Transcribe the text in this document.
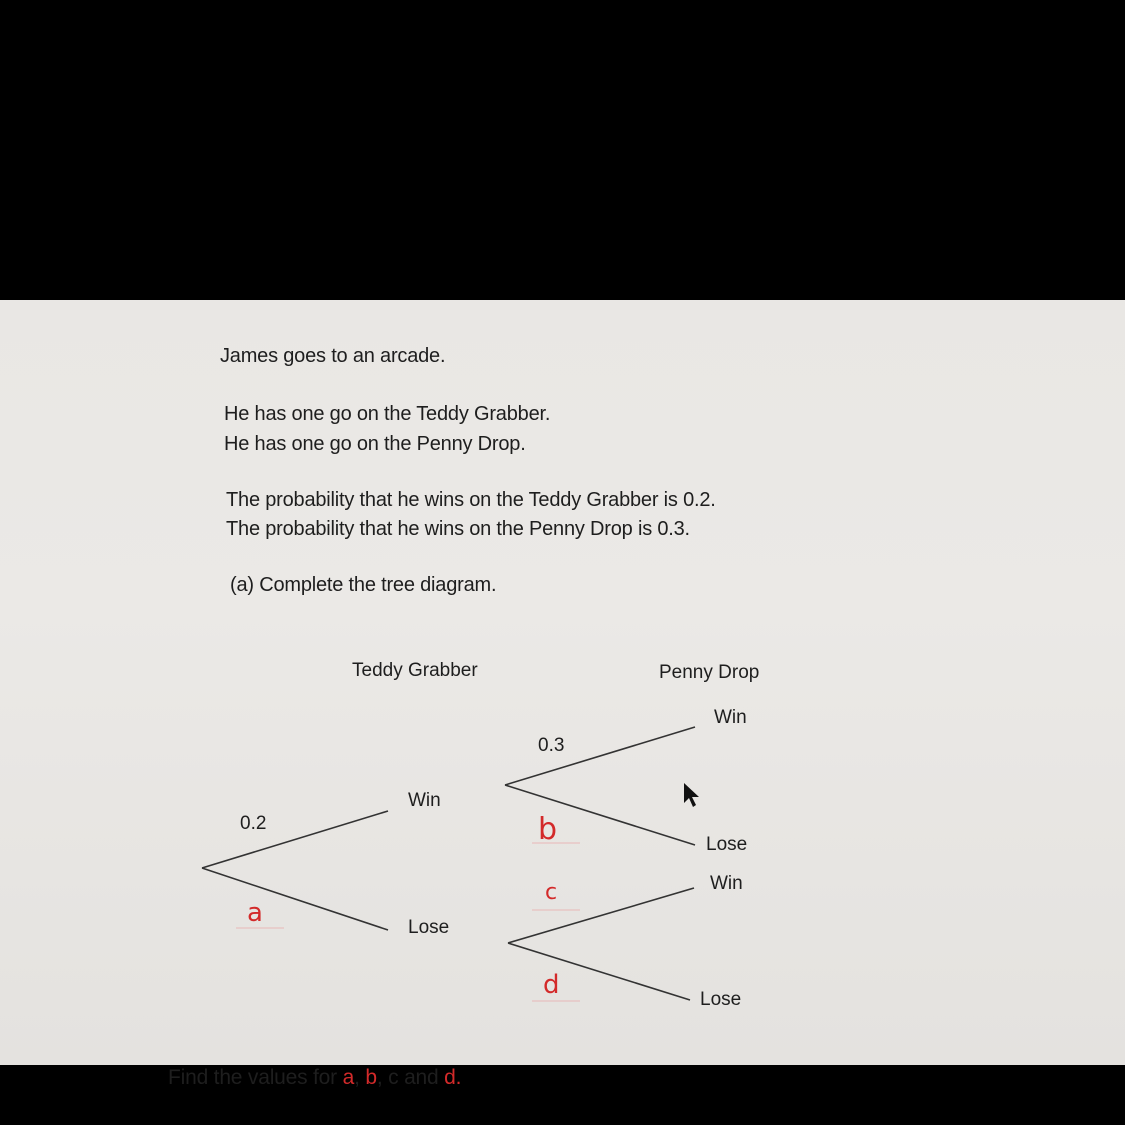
James goes to an arcade.
He has one go on the Teddy Grabber.
He has one go on the Penny Drop.
The probability that he wins on the Teddy Grabber is 0.2.
The probability that he wins on the Penny Drop is 0.3.
(a) Complete the tree diagram.
Teddy Grabber	Penny Drop
Win
Lose
0.2
a
Win
Lose
0.3
b
Win
Lose
c
d
Find the values for a, b, c and d.
